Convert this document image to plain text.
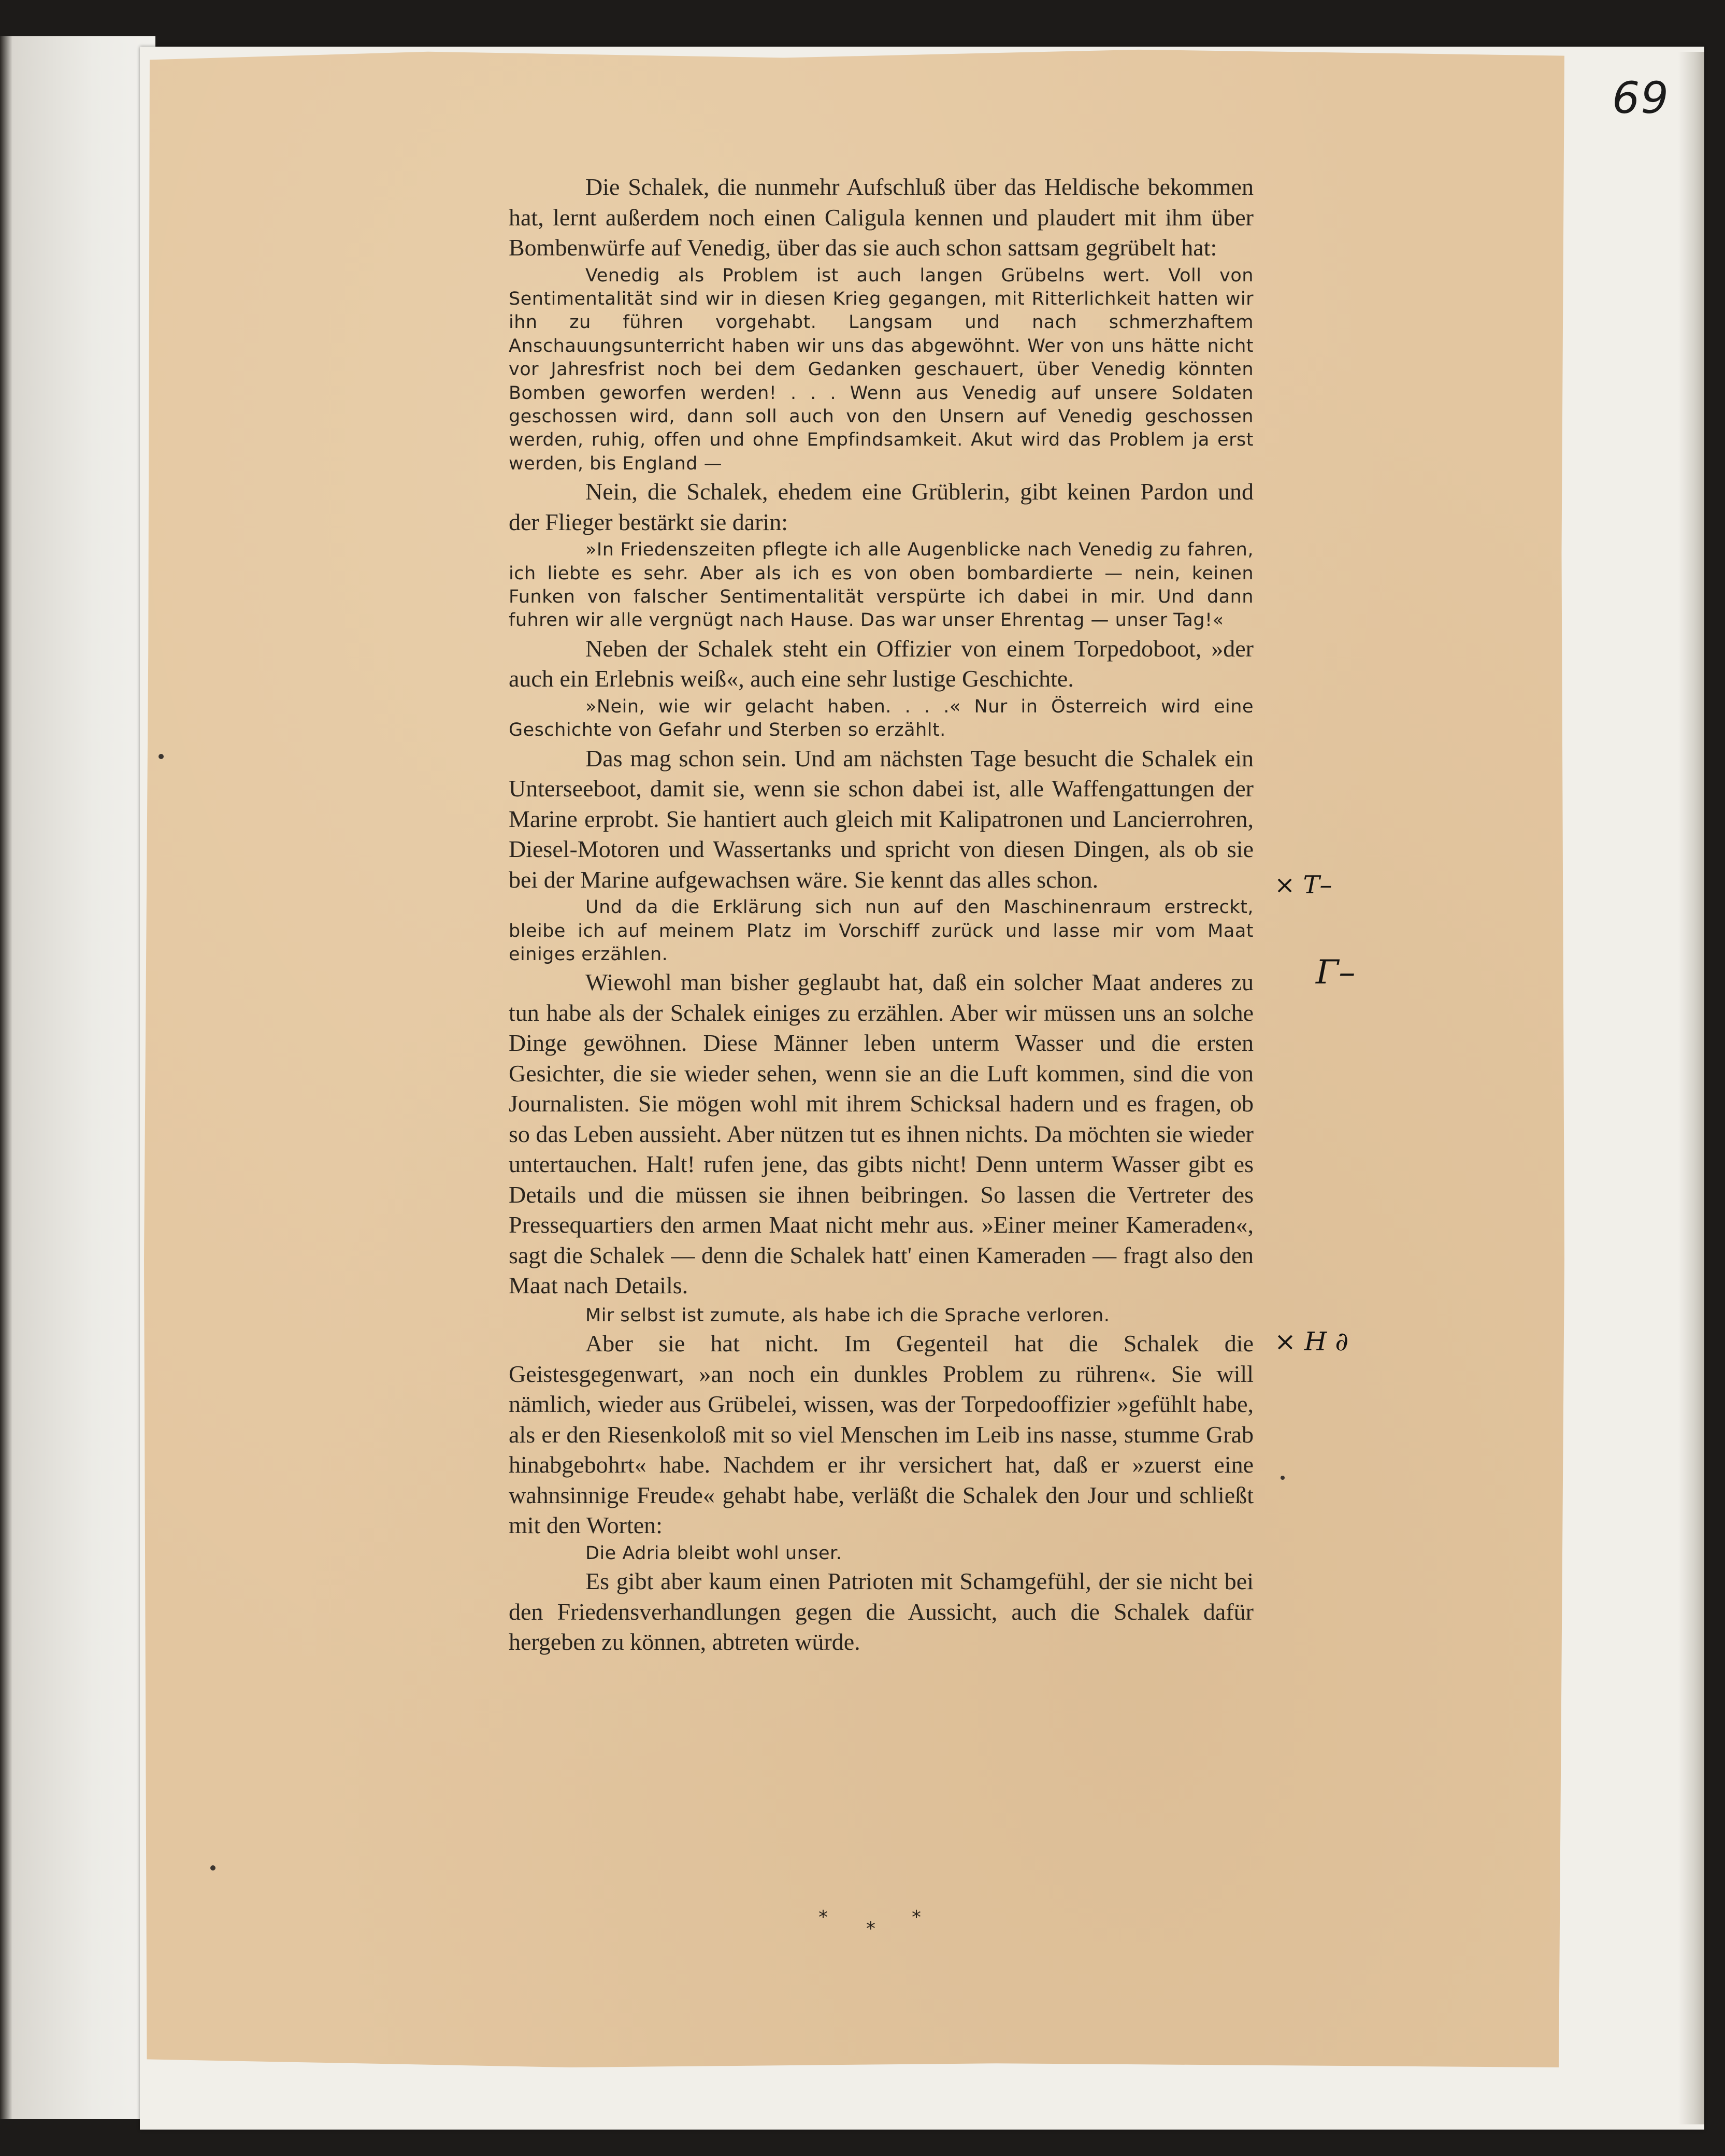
69

Die Schalek, die nunmehr Aufschluß über das Heldische bekommen hat, lernt außerdem noch einen Caligula kennen und plaudert mit ihm über Bombenwürfe auf Venedig, über das sie auch schon sattsam gegrübelt hat:

Venedig als Problem ist auch langen Grübelns wert. Voll von Sentimentalität sind wir in diesen Krieg gegangen, mit Ritterlichkeit hatten wir ihn zu führen vorgehabt. Langsam und nach schmerzhaftem Anschauungsunterricht haben wir uns das abgewöhnt. Wer von uns hätte nicht vor Jahresfrist noch bei dem Gedanken geschauert, über Venedig könnten Bomben geworfen werden! . . . Wenn aus Venedig auf unsere Soldaten geschossen wird, dann soll auch von den Unsern auf Venedig geschossen werden, ruhig, offen und ohne Empfindsamkeit. Akut wird das Problem ja erst werden, bis England —

Nein, die Schalek, ehedem eine Grüblerin, gibt keinen Pardon und der Flieger bestärkt sie darin:

»In Friedenszeiten pflegte ich alle Augenblicke nach Venedig zu fahren, ich liebte es sehr. Aber als ich es von oben bombardierte — nein, keinen Funken von falscher Sentimentalität verspürte ich dabei in mir. Und dann fuhren wir alle vergnügt nach Hause. Das war unser Ehrentag — unser Tag!«

Neben der Schalek steht ein Offizier von einem Torpedoboot, »der auch ein Erlebnis weiß«, auch eine sehr lustige Geschichte.

»Nein, wie wir gelacht haben. . . .« Nur in Österreich wird eine Geschichte von Gefahr und Sterben so erzählt.

Das mag schon sein. Und am nächsten Tage besucht die Schalek ein Unterseeboot, damit sie, wenn sie schon dabei ist, alle Waffengattungen der Marine erprobt. Sie hantiert auch gleich mit Kalipatronen und Lancierrohren, Diesel-Motoren und Wassertanks und spricht von diesen Dingen, als ob sie bei der Marine aufgewachsen wäre. Sie kennt das alles schon.

Und da die Erklärung sich nun auf den Maschinenraum erstreckt, bleibe ich auf meinem Platz im Vorschiff zurück und lasse mir vom Maat einiges erzählen.

Wiewohl man bisher geglaubt hat, daß ein solcher Maat anderes zu tun habe als der Schalek einiges zu erzählen. Aber wir müssen uns an solche Dinge gewöhnen. Diese Männer leben unterm Wasser und die ersten Gesichter, die sie wieder sehen, wenn sie an die Luft kommen, sind die von Journalisten. Sie mögen wohl mit ihrem Schicksal hadern und es fragen, ob so das Leben aussieht. Aber nützen tut es ihnen nichts. Da möchten sie wieder untertauchen. Halt! rufen jene, das gibts nicht! Denn unterm Wasser gibt es Details und die müssen sie ihnen beibringen. So lassen die Vertreter des Pressequartiers den armen Maat nicht mehr aus. »Einer meiner Kameraden«, sagt die Schalek — denn die Schalek hatt' einen Kameraden — fragt also den Maat nach Details.

Mir selbst ist zumute, als habe ich die Sprache verloren.

Aber sie hat nicht. Im Gegenteil hat die Schalek die Geistesgegenwart, »an noch ein dunkles Problem zu rühren«. Sie will nämlich, wieder aus Grübelei, wissen, was der Torpedooffizier »gefühlt habe, als er den Riesenkoloß mit so viel Menschen im Leib ins nasse, stumme Grab hinabgebohrt« habe. Nachdem er ihr versichert hat, daß er »zuerst eine wahnsinnige Freude« gehabt habe, verläßt die Schalek den Jour und schließt mit den Worten:

Die Adria bleibt wohl unser.

Es gibt aber kaum einen Patrioten mit Schamgefühl, der sie nicht bei den Friedensverhandlungen gegen die Aussicht, auch die Schalek dafür hergeben zu können, abtreten würde.

*
*
*
× T–
Γ–
× H ∂
